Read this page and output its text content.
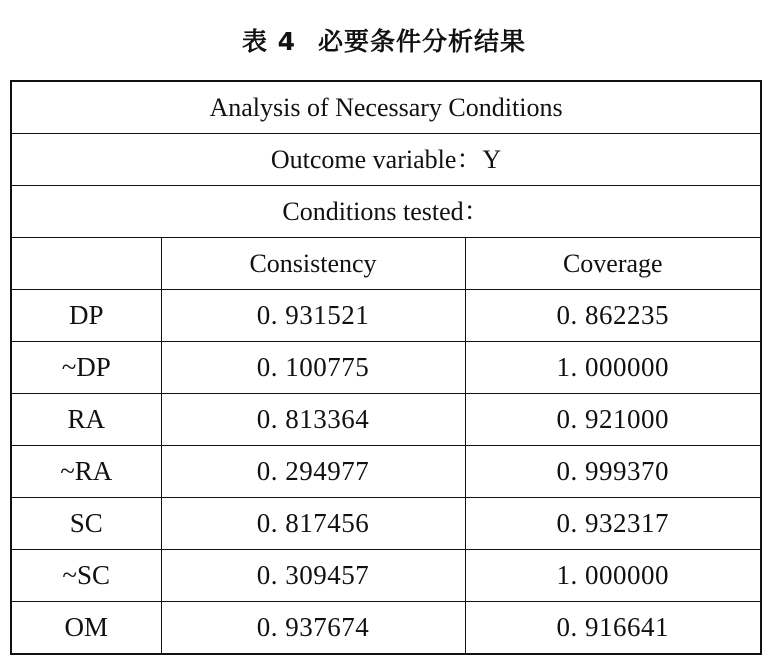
表 4 必要条件分析结果
Analysis of Necessary Conditions		
Outcome variable：Y		
Conditions tested：		
	Consistency	Coverage
DP	0. 931521	0. 862235
~DP	0. 100775	1. 000000
RA	0. 813364	0. 921000
~RA	0. 294977	0. 999370
SC	0. 817456	0. 932317
~SC	0. 309457	1. 000000
OM	0. 937674	0. 916641
